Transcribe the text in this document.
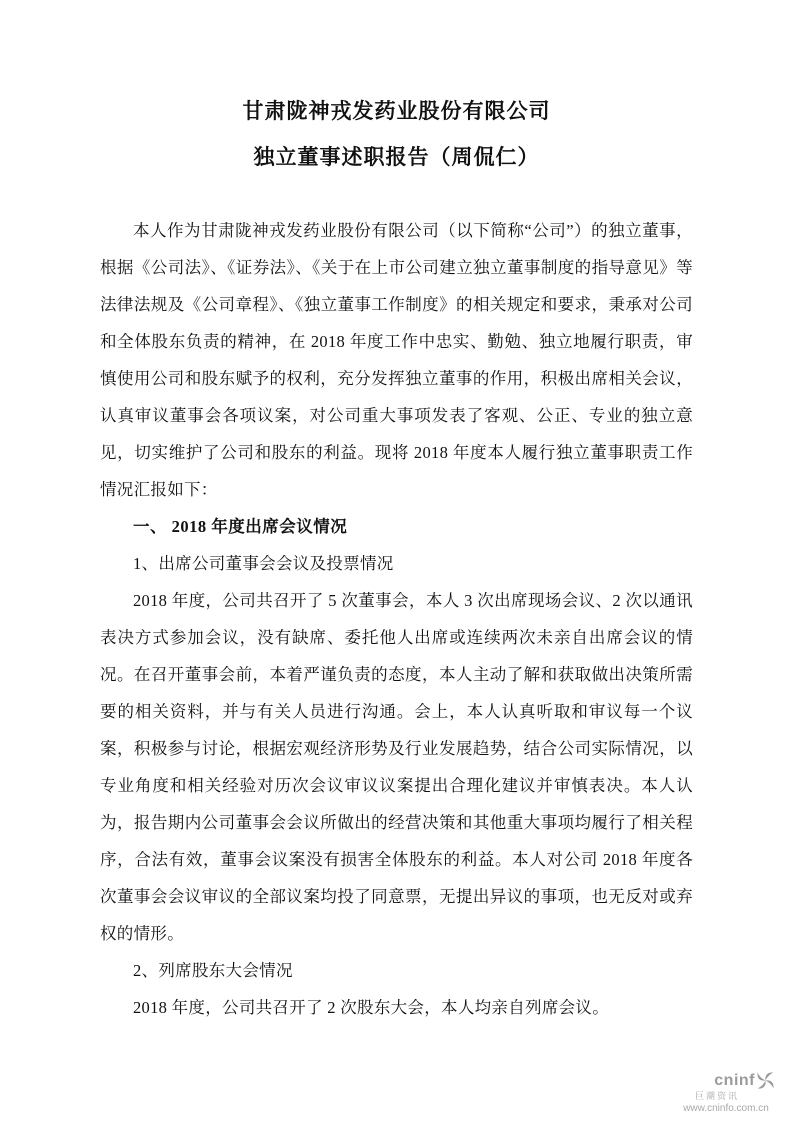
甘肃陇神戎发药业股份有限公司
独立董事述职报告（周侃仁）

本人作为甘肃陇神戎发药业股份有限公司（以下简称“公司”）的独立董事，根据《公司法》、《证券法》、《关于在上市公司建立独立董事制度的指导意见》等法律法规及《公司章程》、《独立董事工作制度》的相关规定和要求，秉承对公司和全体股东负责的精神，在 2018 年度工作中忠实、勤勉、独立地履行职责，审慎使用公司和股东赋予的权利，充分发挥独立董事的作用，积极出席相关会议，认真审议董事会各项议案，对公司重大事项发表了客观、公正、专业的独立意见，切实维护了公司和股东的利益。现将 2018 年度本人履行独立董事职责工作情况汇报如下：

一、 2018 年度出席会议情况

1、出席公司董事会会议及投票情况

2018 年度，公司共召开了 5 次董事会，本人 3 次出席现场会议、2 次以通讯表决方式参加会议，没有缺席、委托他人出席或连续两次未亲自出席会议的情况。在召开董事会前，本着严谨负责的态度，本人主动了解和获取做出决策所需要的相关资料，并与有关人员进行沟通。会上，本人认真听取和审议每一个议案，积极参与讨论，根据宏观经济形势及行业发展趋势，结合公司实际情况，以专业角度和相关经验对历次会议审议议案提出合理化建议并审慎表决。本人认为，报告期内公司董事会会议所做出的经营决策和其他重大事项均履行了相关程序，合法有效，董事会议案没有损害全体股东的利益。本人对公司 2018 年度各次董事会会议审议的全部议案均投了同意票，无提出异议的事项，也无反对或弃权的情形。

2、列席股东大会情况

2018 年度，公司共召开了 2 次股东大会，本人均亲自列席会议。

cninf
巨潮资讯
www.cninfo.com.cn
